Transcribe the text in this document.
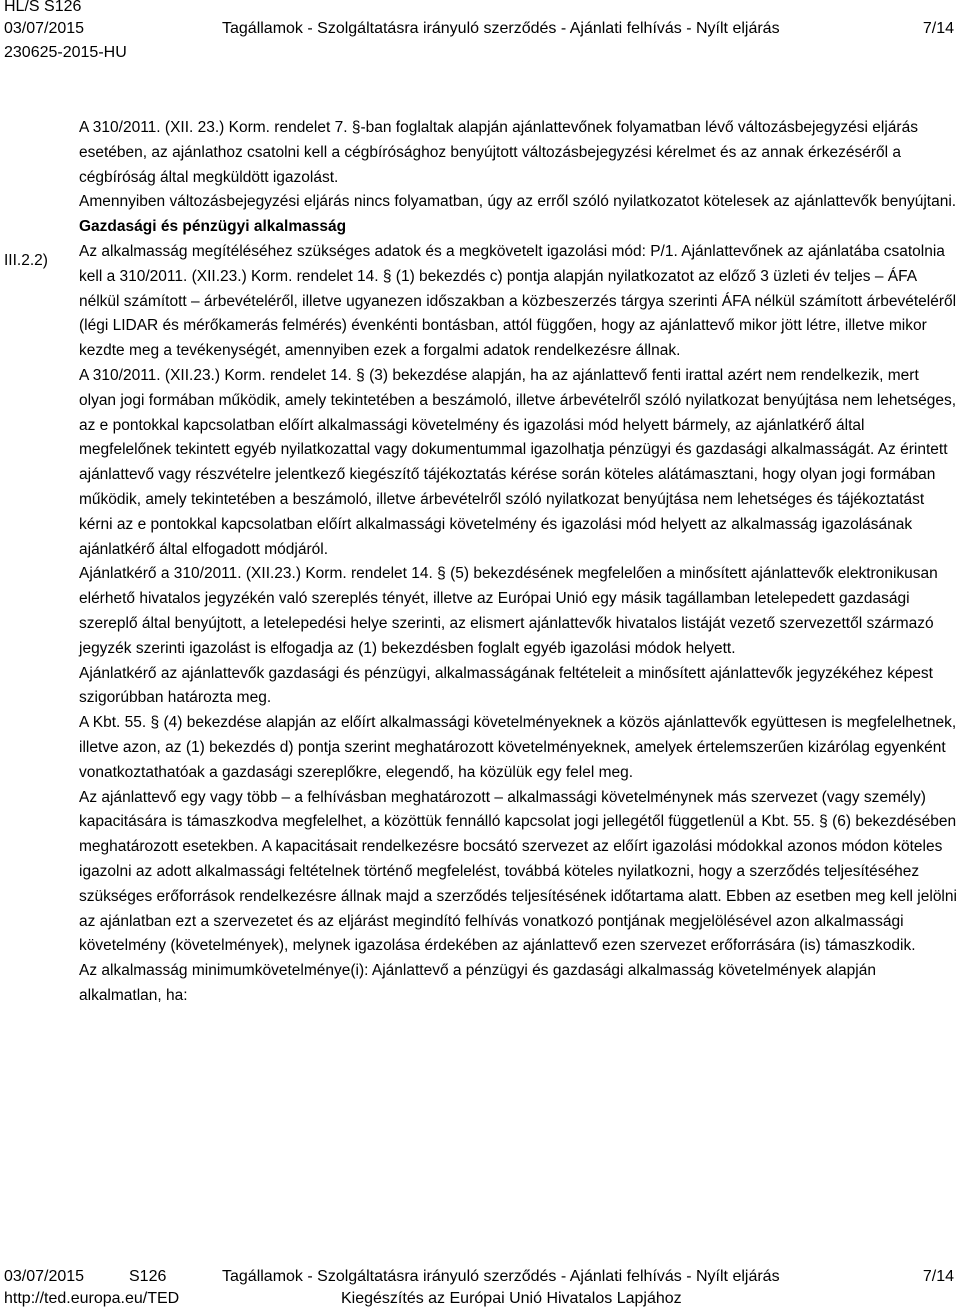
HL/S S126
03/07/2015
230625-2015-HU
Tagállamok - Szolgáltatásra irányuló szerződés - Ajánlati felhívás - Nyílt eljárás	7/14
III.2.2)

A 310/2011. (XII. 23.) Korm. rendelet 7. §-ban foglaltak alapján ajánlattevőnek folyamatban lévő változásbejegyzési eljárás esetében, az ajánlathoz csatolni kell a cégbírósághoz benyújtott változásbejegyzési kérelmet és az annak érkezéséről a cégbíróság által megküldött igazolást.

Amennyiben változásbejegyzési eljárás nincs folyamatban, úgy az erről szóló nyilatkozatot kötelesek az ajánlattevők benyújtani.

Gazdasági és pénzügyi alkalmasság

Az alkalmasság megítéléséhez szükséges adatok és a megkövetelt igazolási mód: P/1. Ajánlattevőnek az ajánlatába csatolnia kell a 310/2011. (XII.23.) Korm. rendelet 14. § (1) bekezdés c) pontja alapján nyilatkozatot az előző 3 üzleti év teljes – ÁFA nélkül számított – árbevételéről, illetve ugyanezen időszakban a közbeszerzés tárgya szerinti ÁFA nélkül számított árbevételéről (légi LIDAR és mérőkamerás felmérés) évenkénti bontásban, attól függően, hogy az ajánlattevő mikor jött létre, illetve mikor kezdte meg a tevékenységét, amennyiben ezek a forgalmi adatok rendelkezésre állnak.

A 310/2011. (XII.23.) Korm. rendelet 14. § (3) bekezdése alapján, ha az ajánlattevő fenti irattal azért nem rendelkezik, mert olyan jogi formában működik, amely tekintetében a beszámoló, illetve árbevételről szóló nyilatkozat benyújtása nem lehetséges, az e pontokkal kapcsolatban előírt alkalmassági követelmény és igazolási mód helyett bármely, az ajánlatkérő által megfelelőnek tekintett egyéb nyilatkozattal vagy dokumentummal igazolhatja pénzügyi és gazdasági alkalmasságát. Az érintett ajánlattevő vagy részvételre jelentkező kiegészítő tájékoztatás kérése során köteles alátámasztani, hogy olyan jogi formában működik, amely tekintetében a beszámoló, illetve árbevételről szóló nyilatkozat benyújtása nem lehetséges és tájékoztatást kérni az e pontokkal kapcsolatban előírt alkalmassági követelmény és igazolási mód helyett az alkalmasság igazolásának ajánlatkérő által elfogadott módjáról.

Ajánlatkérő a 310/2011. (XII.23.) Korm. rendelet 14. § (5) bekezdésének megfelelően a minősített ajánlattevők elektronikusan elérhető hivatalos jegyzékén való szereplés tényét, illetve az Európai Unió egy másik tagállamban letelepedett gazdasági szereplő által benyújtott, a letelepedési helye szerinti, az elismert ajánlattevők hivatalos listáját vezető szervezettől származó jegyzék szerinti igazolást is elfogadja az (1) bekezdésben foglalt egyéb igazolási módok helyett.

Ajánlatkérő az ajánlattevők gazdasági és pénzügyi, alkalmasságának feltételeit a minősített ajánlattevők jegyzékéhez képest szigorúbban határozta meg.

A Kbt. 55. § (4) bekezdése alapján az előírt alkalmassági követelményeknek a közös ajánlattevők együttesen is megfelelhetnek, illetve azon, az (1) bekezdés d) pontja szerint meghatározott követelményeknek, amelyek értelemszerűen kizárólag egyenként vonatkoztathatóak a gazdasági szereplőkre, elegendő, ha közülük egy felel meg.

Az ajánlattevő egy vagy több – a felhívásban meghatározott – alkalmassági követelménynek más szervezet (vagy személy) kapacitására is támaszkodva megfelelhet, a közöttük fennálló kapcsolat jogi jellegétől függetlenül a Kbt. 55. § (6) bekezdésében meghatározott esetekben. A kapacitásait rendelkezésre bocsátó szervezet az előírt igazolási módokkal azonos módon köteles igazolni az adott alkalmassági feltételnek történő megfelelést, továbbá köteles nyilatkozni, hogy a szerződés teljesítéséhez szükséges erőforrások rendelkezésre állnak majd a szerződés teljesítésének időtartama alatt. Ebben az esetben meg kell jelölni az ajánlatban ezt a szervezetet és az eljárást megindító felhívás vonatkozó pontjának megjelölésével azon alkalmassági követelmény (követelmények), melynek igazolása érdekében az ajánlattevő ezen szervezet erőforrására (is) támaszkodik.

Az alkalmasság minimumkövetelménye(i): Ajánlattevő a pénzügyi és gazdasági alkalmasság követelmények alapján alkalmatlan, ha:

03/07/2015	S126	Tagállamok - Szolgáltatásra irányuló szerződés - Ajánlati felhívás - Nyílt eljárás	7/14
http://ted.europa.eu/TED	Kiegészítés az Európai Unió Hivatalos Lapjához
